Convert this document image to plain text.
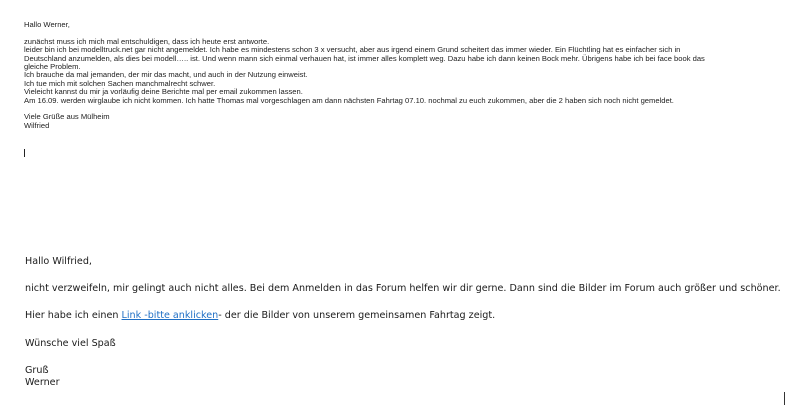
Hallo Werner,
zunächst muss ich mich mal entschuldigen, dass ich heute erst antworte.
leider bin ich bei modelltruck.net gar nicht angemeldet. Ich habe es mindestens schon 3 x versucht, aber aus irgend einem Grund scheitert das immer wieder. Ein Flüchtling hat es einfacher sich in
Deutschland anzumelden, als dies bei modell….. ist. Und wenn mann sich einmal verhauen hat, ist immer alles komplett weg. Dazu habe ich dann keinen Bock mehr. Übrigens habe ich bei face book das
gleiche Problem.
Ich brauche da mal jemanden, der mir das macht, und auch in der Nutzung einweist.
Ich tue mich mit solchen Sachen manchmalrecht schwer.
Vieleicht kannst du mir ja vorläufig deine Berichte mal per email zukommen lassen.
Am 16.09. werden wirglaube ich nicht kommen. Ich hatte Thomas mal vorgeschlagen am dann nächsten Fahrtag 07.10. nochmal zu euch zukommen, aber die 2 haben sich noch nicht gemeldet.
Viele Grüße aus Mülheim
Wilfried
Hallo Wilfried,
nicht verzweifeln, mir gelingt auch nicht alles. Bei dem Anmelden in das Forum helfen wir dir gerne. Dann sind die Bilder im Forum auch größer und schöner.
Hier habe ich einen Link -bitte anklicken- der die Bilder von unserem gemeinsamen Fahrtag zeigt.
Wünsche viel Spaß
Gruß
Werner
